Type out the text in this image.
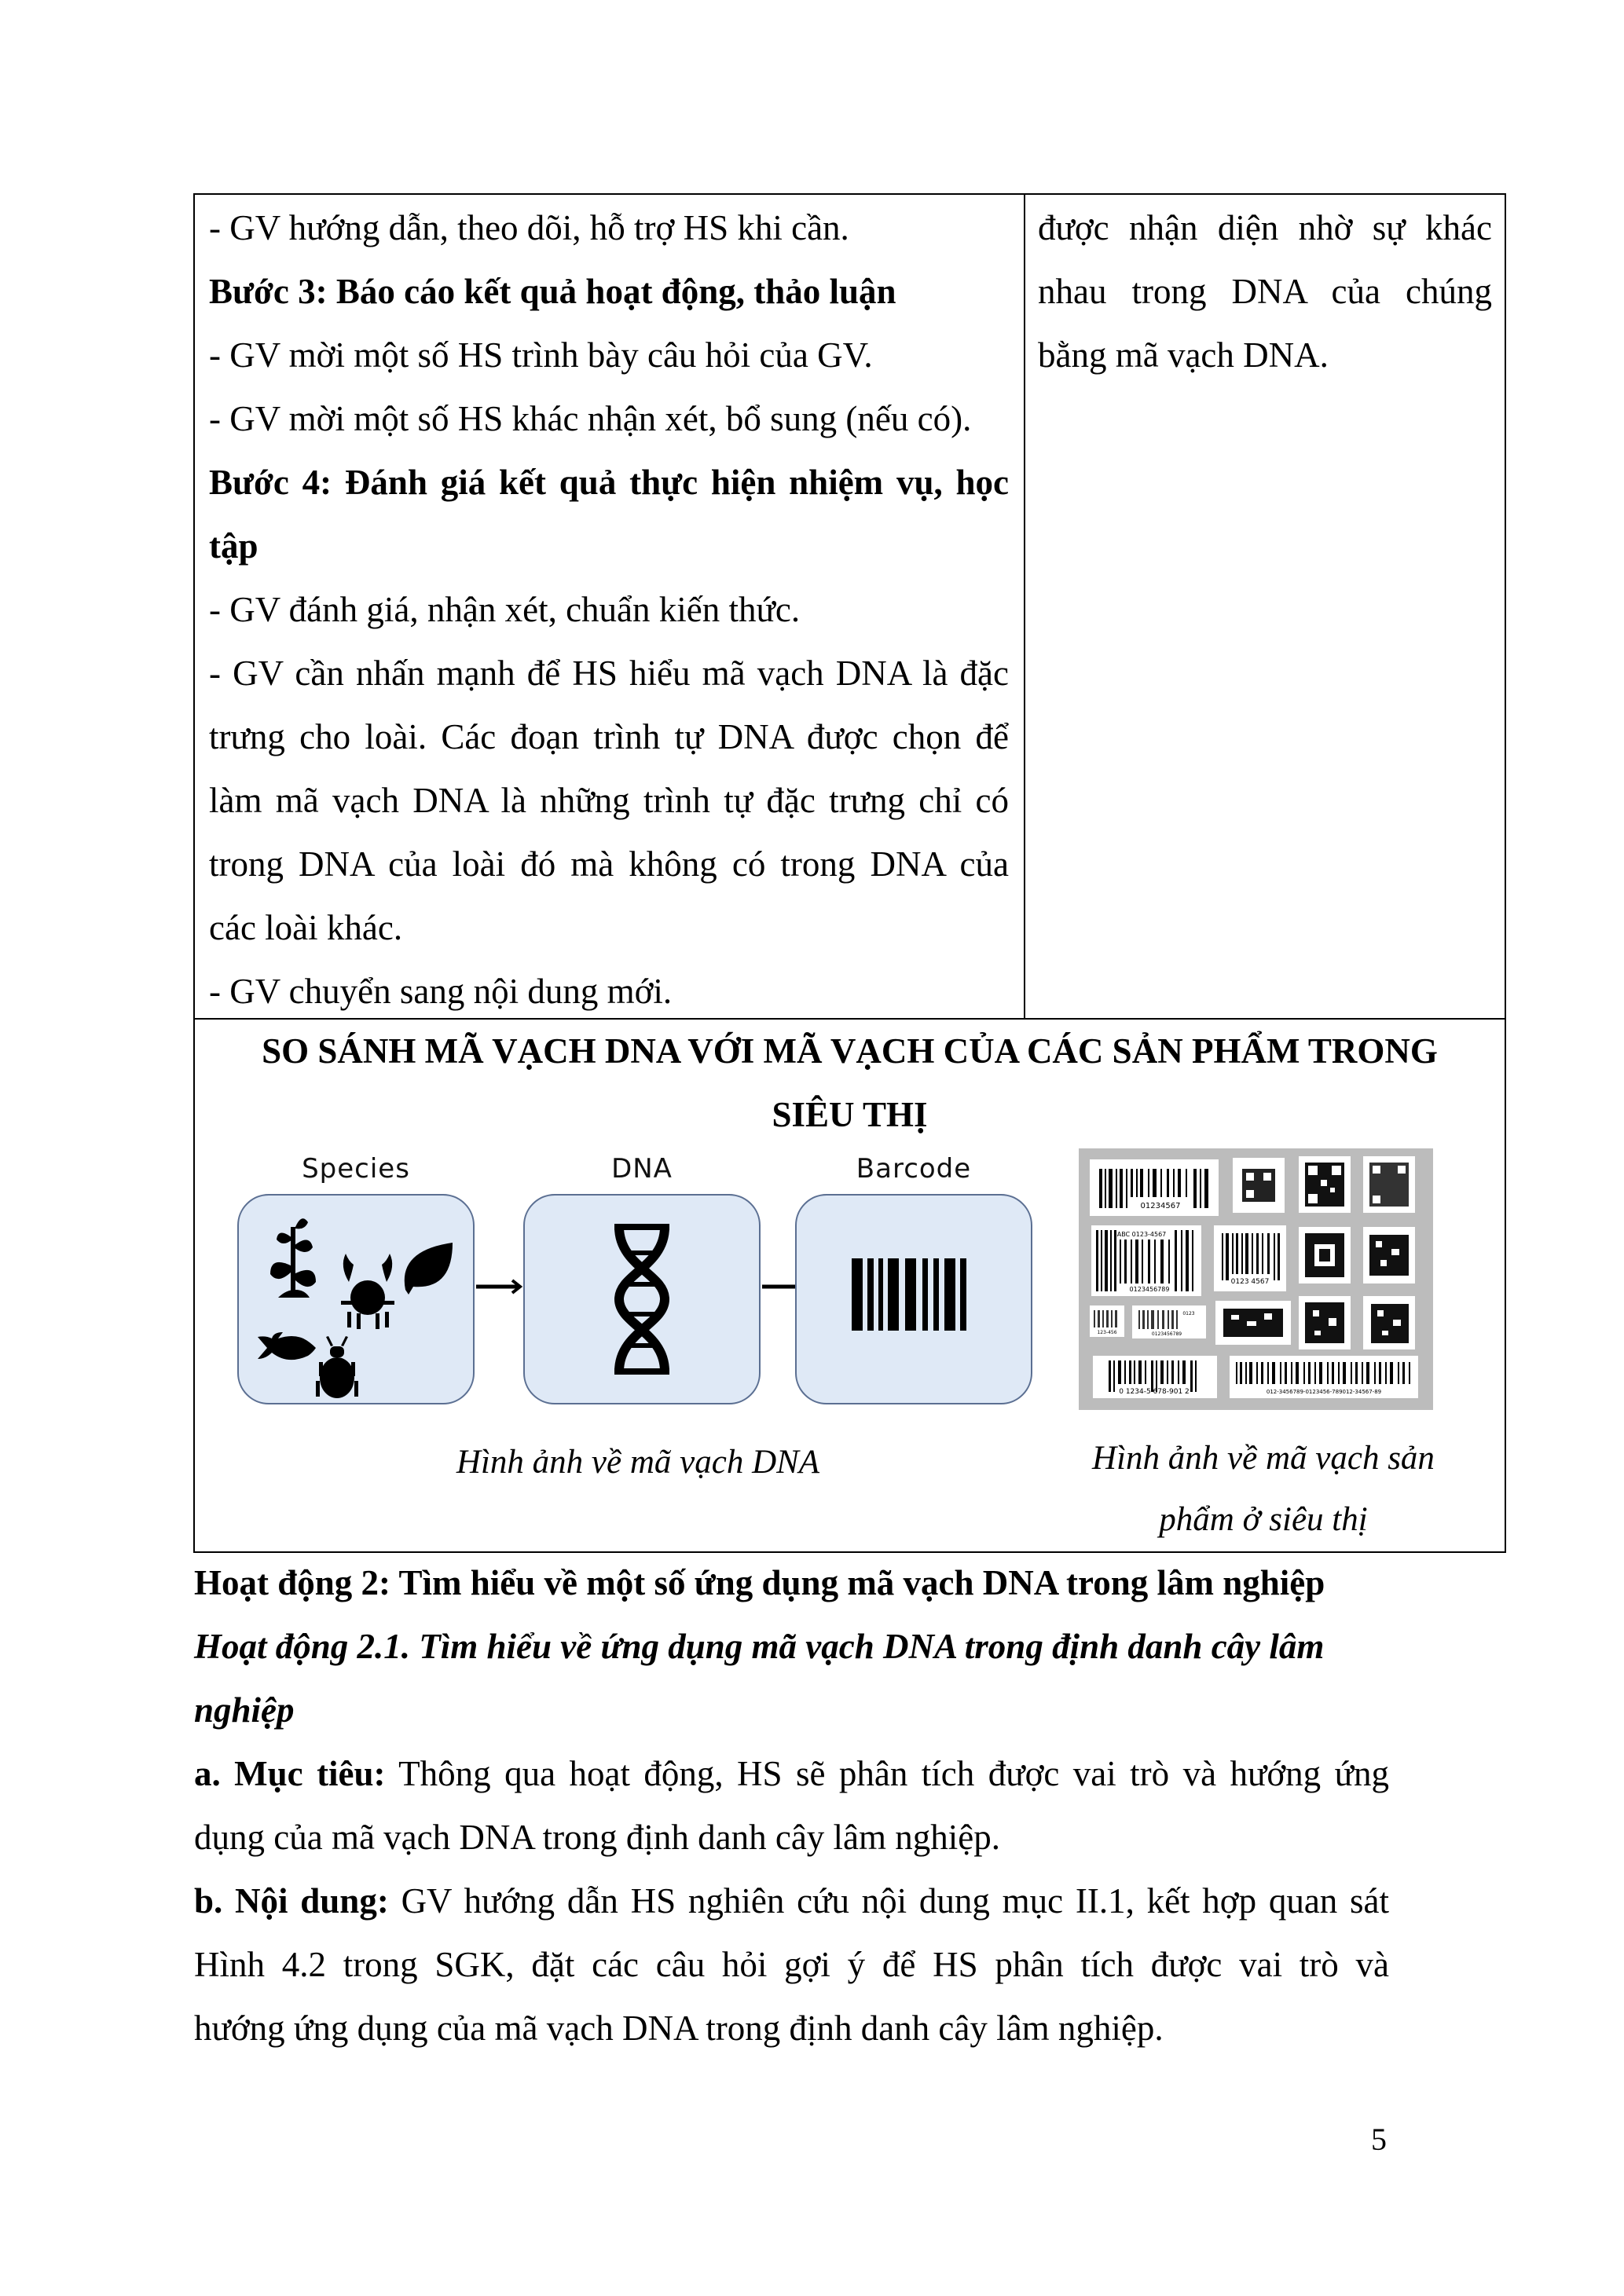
- GV hướng dẫn, theo dõi, hỗ trợ HS khi cần.
Bước 3: Báo cáo kết quả hoạt động, thảo luận
- GV mời một số HS trình bày câu hỏi của GV.
- GV mời một số HS khác nhận xét, bổ sung (nếu có).
Bước 4: Đánh giá kết quả thực hiện nhiệm vụ, học
tập
- GV đánh giá, nhận xét, chuẩn kiến thức.
- GV cần nhấn mạnh để HS hiểu mã vạch DNA là đặc
trưng cho loài. Các đoạn trình tự DNA được chọn để
làm mã vạch DNA là những trình tự đặc trưng chỉ có
trong DNA của loài đó mà không có trong DNA của
các loài khác.
- GV chuyển sang nội dung mới.
được nhận diện nhờ sự khác
nhau trong DNA của chúng
bằng mã vạch DNA.
SO SÁNH MÃ VẠCH DNA VỚI MÃ VẠCH CỦA CÁC SẢN PHẨM TRONG
SIÊU THỊ
Species	DNA	Barcode
01234567
ABC 0123-4567
0123456789
0123 4567
123-456
0123
0123456789
0 1234-5 678-901 2	012-3456789-0123456-789012-34567-89
Hình ảnh về mã vạch DNA	Hình ảnh về mã vạch sản
phẩm ở siêu thị
Hoạt động 2: Tìm hiểu về một số ứng dụng mã vạch DNA trong lâm nghiệp
Hoạt động 2.1. Tìm hiểu về ứng dụng mã vạch DNA trong định danh cây lâm
nghiệp
a. Mục tiêu: Thông qua hoạt động, HS sẽ phân tích được vai trò và hướng ứng
dụng của mã vạch DNA trong định danh cây lâm nghiệp.
b. Nội dung: GV hướng dẫn HS nghiên cứu nội dung mục II.1, kết hợp quan sát
Hình 4.2 trong SGK, đặt các câu hỏi gợi ý để HS phân tích được vai trò và
hướng ứng dụng của mã vạch DNA trong định danh cây lâm nghiệp.
5
